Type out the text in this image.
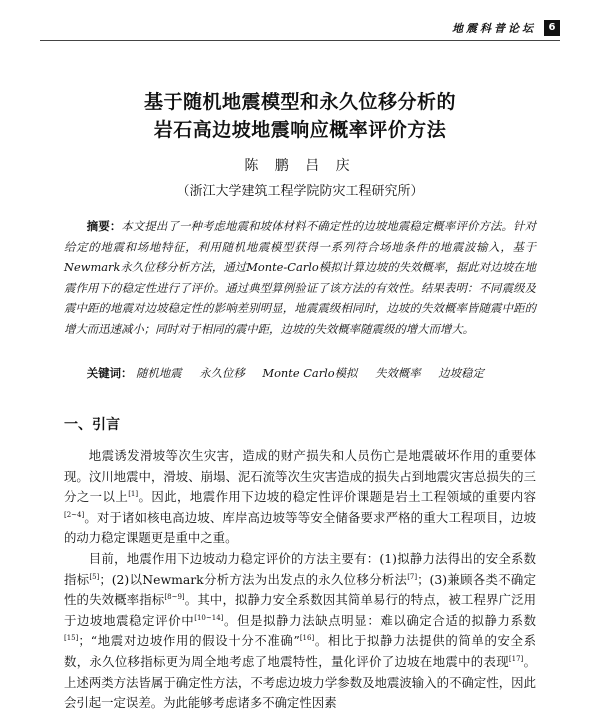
地震科普论坛	6
基于随机地震模型和永久位移分析的
岩石高边坡地震响应概率评价方法
陈 鹏 吕 庆
（浙江大学建筑工程学院防灾工程研究所）
摘要：本文提出了一种考虑地震和坡体材料不确定性的边坡地震稳定概率评价方法。针对给定的地震和场地特征，利用随机地震模型获得一系列符合场地条件的地震波输入，基于Newmark永久位移分析方法，通过Monte-Carlo模拟计算边坡的失效概率，据此对边坡在地震作用下的稳定性进行了评价。通过典型算例验证了该方法的有效性。结果表明：不同震级及震中距的地震对边坡稳定性的影响差别明显，地震震级相同时，边坡的失效概率皆随震中距的增大而迅速减小；同时对于相同的震中距，边坡的失效概率随震级的增大而增大。
关键词： 随机地震 永久位移 Monte Carlo模拟 失效概率 边坡稳定
一、引言

地震诱发滑坡等次生灾害，造成的财产损失和人员伤亡是地震破坏作用的重要体现。汶川地震中，滑坡、崩塌、泥石流等次生灾害造成的损失占到地震灾害总损失的三分之一以上[1]。因此，地震作用下边坡的稳定性评价课题是岩土工程领域的重要内容[2~4]。对于诸如核电高边坡、库岸高边坡等等安全储备要求严格的重大工程项目，边坡的动力稳定课题更是重中之重。

目前，地震作用下边坡动力稳定评价的方法主要有：(1)拟静力法得出的安全系数指标[5]；(2)以Newmark分析方法为出发点的永久位移分析法[7]；(3)兼顾各类不确定性的失效概率指标[8~9]。其中，拟静力安全系数因其简单易行的特点，被工程界广泛用于边坡地震稳定评价中[10~14]。但是拟静力法缺点明显：难以确定合适的拟静力系数[15]；“地震对边坡作用的假设十分不准确”[16]。相比于拟静力法提供的简单的安全系数，永久位移指标更为周全地考虑了地震特性，量化评价了边坡在地震中的表现[17]。上述两类方法皆属于确定性方法，不考虑边坡力学参数及地震波输入的不确定性，因此会引起一定误差。为此能够考虑诸多不确定性因素
